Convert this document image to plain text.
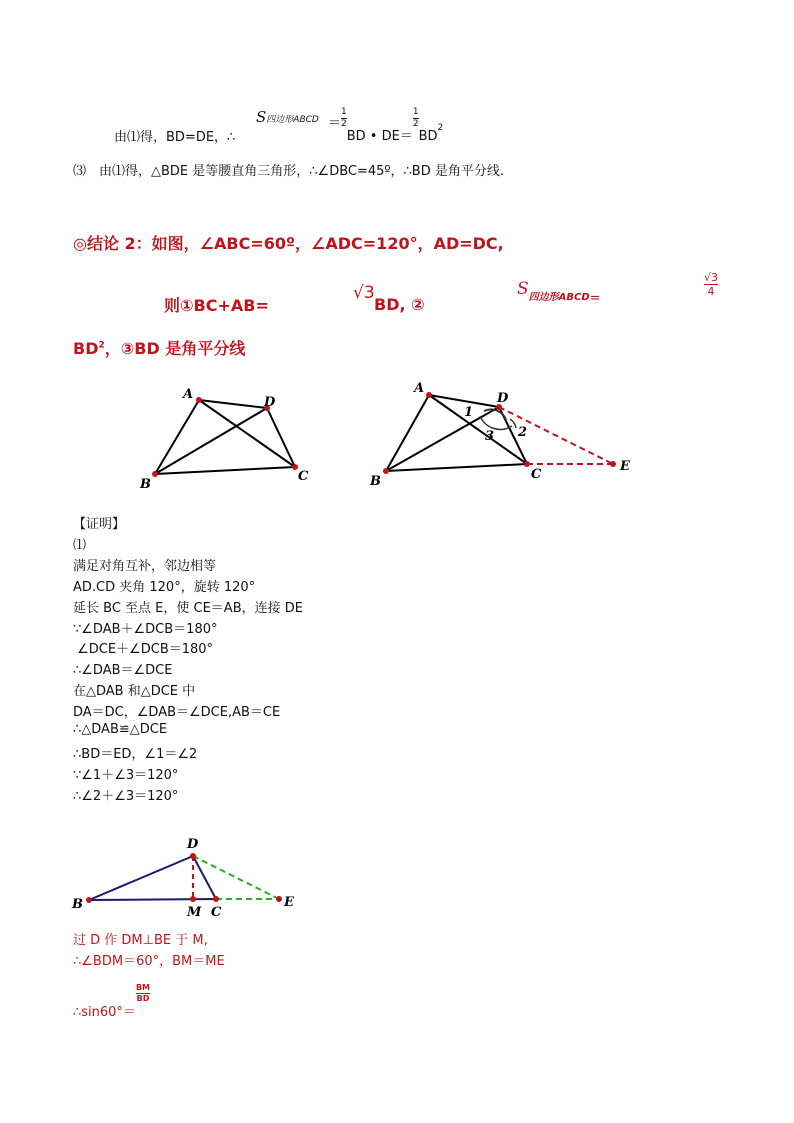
由⑴得，BD=DE，∴
S四边形ABCD ＝ $\frac{1}{2}$
BD • DE＝
$\frac{1}{2}$
$BD^2$
⑶　由⑴得，△BDE 是等腰直角三角形，∴∠DBC=45º，∴BD 是角平分线.
◎结论 2：如图，∠ABC=60º，∠ADC=120°，AD=DC,
则①BC+AB=
√3
BD, ②
$S_{四边形ABCD=}$
$\frac{√3}{4}$
$BD^2$，③BD 是角平分线
A
B
C
D
A
B	C
D
E
1
2
3
【证明】
⑴
满足对角互补，邻边相等
AD.CD 夹角 120°，旋转 120°
延长 BC 至点 E，使 CE＝AB，连接 DE
∵∠DAB＋∠DCB＝180°
∠DCE＋∠DCB＝180°
∴∠DAB＝∠DCE
在△DAB 和△DCE 中
DA＝DC，∠DAB＝∠DCE,AB＝CE
∴△DAB≌△DCE
∴BD＝ED，∠1＝∠2
∵∠1＋∠3＝120°
∴∠2＋∠3＝120°
B
D
M C
E
过 D 作 DM⊥BE 于 M,
∴∠BDM＝60°，BM＝ME
∴sin60°＝
$\frac{BM}{BD}$
